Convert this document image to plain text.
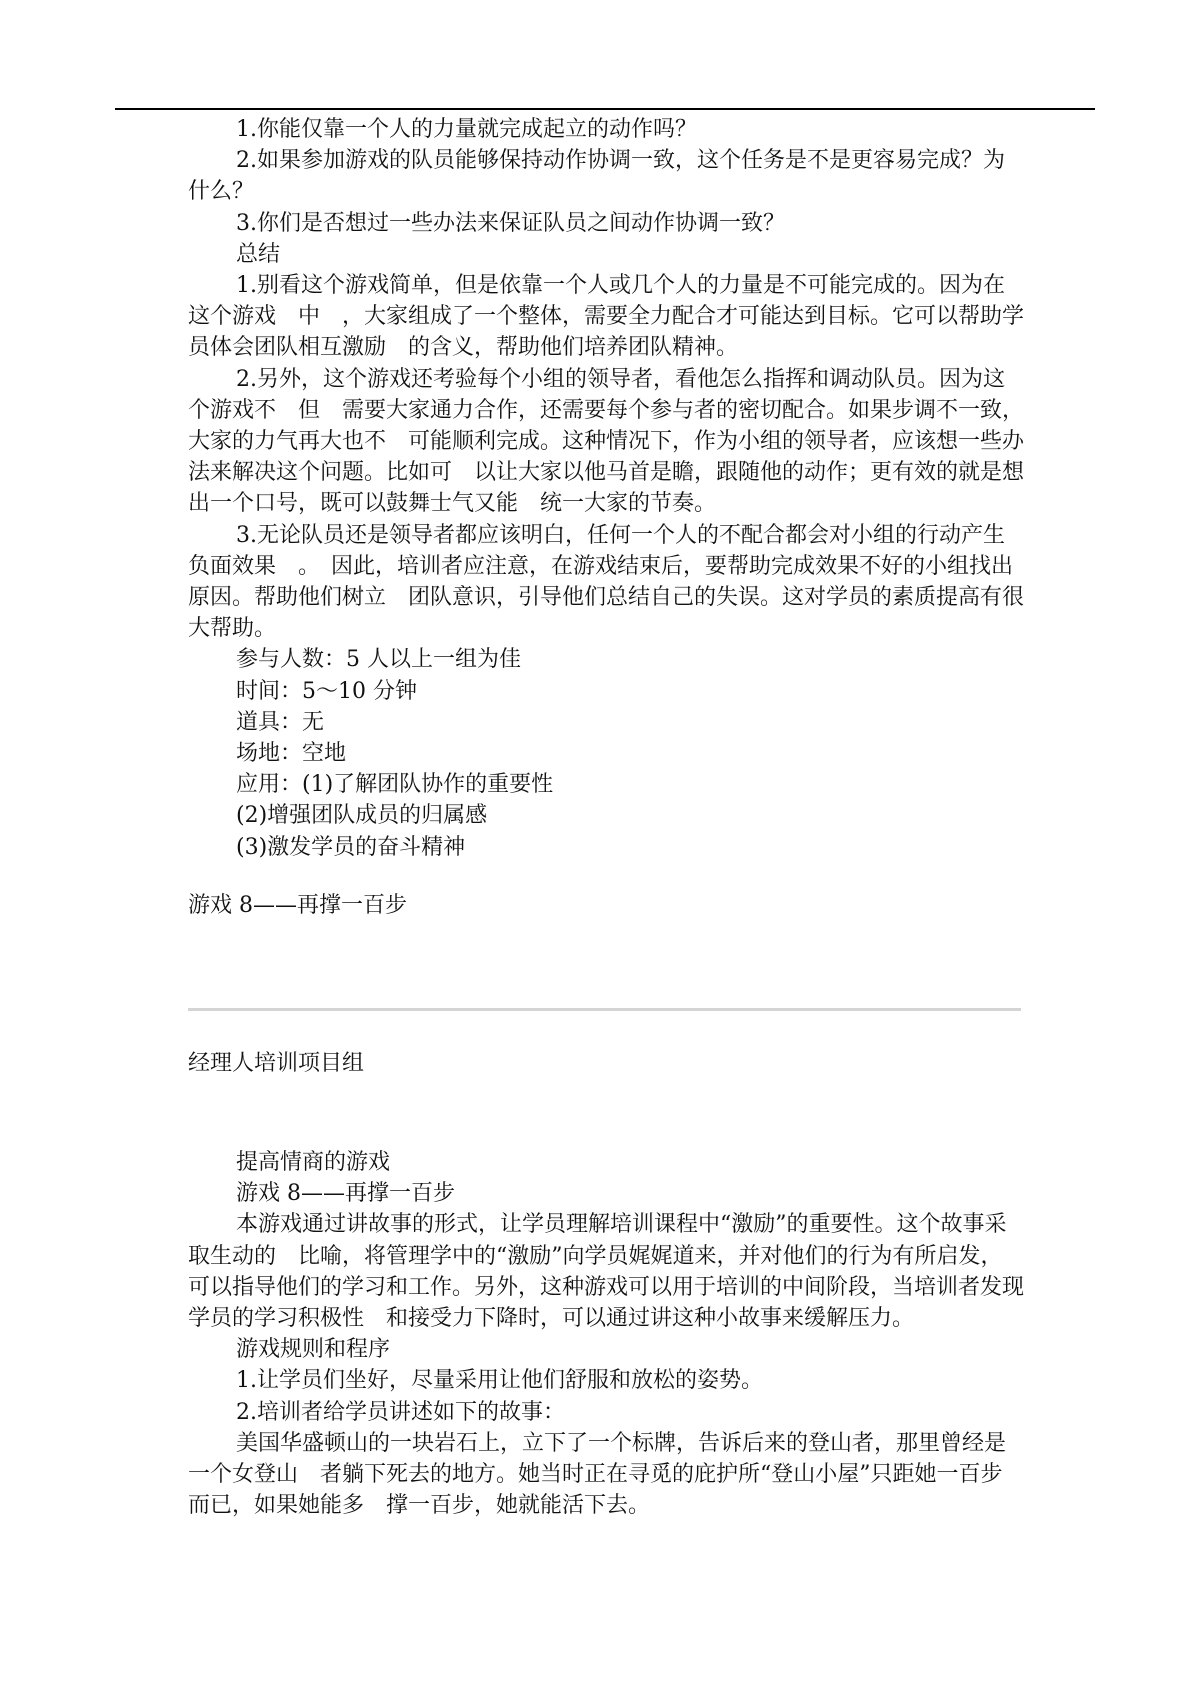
1.你能仅靠一个人的力量就完成起立的动作吗？

2.如果参加游戏的队员能够保持动作协调一致，这个任务是不是更容易完成？为什么？

3.你们是否想过一些办法来保证队员之间动作协调一致？

总结

1.别看这个游戏简单，但是依靠一个人或几个人的力量是不可能完成的。因为在这个游戏　中　，大家组成了一个整体，需要全力配合才可能达到目标。它可以帮助学员体会团队相互激励　的含义，帮助他们培养团队精神。

2.另外，这个游戏还考验每个小组的领导者，看他怎么指挥和调动队员。因为这个游戏不　但　需要大家通力合作，还需要每个参与者的密切配合。如果步调不一致，大家的力气再大也不　可能顺利完成。这种情况下，作为小组的领导者，应该想一些办法来解决这个问题。比如可　以让大家以他马首是瞻，跟随他的动作；更有效的就是想出一个口号，既可以鼓舞士气又能　统一大家的节奏。

3.无论队员还是领导者都应该明白，任何一个人的不配合都会对小组的行动产生负面效果　。　因此，培训者应注意，在游戏结束后，要帮助完成效果不好的小组找出原因。帮助他们树立　团队意识，引导他们总结自己的失误。这对学员的素质提高有很大帮助。

参与人数：5 人以上一组为佳

时间：5～10 分钟

道具：无

场地：空地

应用：(1)了解团队协作的重要性

(2)增强团队成员的归属感

(3)激发学员的奋斗精神

游戏 8——再撑一百步

经理人培训项目组

提高情商的游戏

游戏 8——再撑一百步

本游戏通过讲故事的形式，让学员理解培训课程中“激励”的重要性。这个故事采取生动的　比喻，将管理学中的“激励”向学员娓娓道来，并对他们的行为有所启发，可以指导他们的学习和工作。另外，这种游戏可以用于培训的中间阶段，当培训者发现学员的学习积极性　和接受力下降时，可以通过讲这种小故事来缓解压力。

游戏规则和程序

1.让学员们坐好，尽量采用让他们舒服和放松的姿势。

2.培训者给学员讲述如下的故事：

美国华盛顿山的一块岩石上，立下了一个标牌，告诉后来的登山者，那里曾经是一个女登山　者躺下死去的地方。她当时正在寻觅的庇护所“登山小屋”只距她一百步而已，如果她能多　撑一百步，她就能活下去。
